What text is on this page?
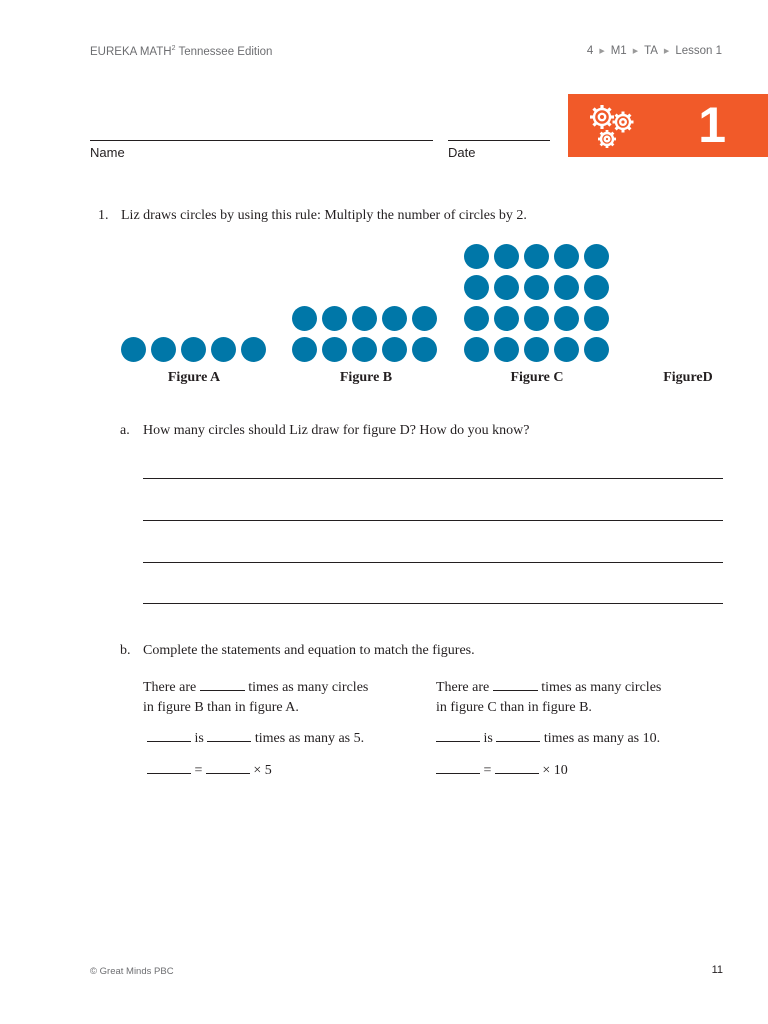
EUREKA MATH$^2$ Tennessee Edition	4 ▶ M1 ▶ TA ▶ Lesson 1
Name	Date	1
1. Liz draws circles by using this rule: Multiply the number of circles by 2.
Figure A	Figure B	Figure C	FigureD
a. How many circles should Liz draw for figure D? How do you know?
b. Complete the statements and equation to match the figures.
There are	times as many circles
in figure B than in figure A.
is	times as many as 5.
=	× 5
There are	times as many circles
in figure C than in figure B.
is	times as many as 10.
=	× 10
© Great Minds PBC	11
